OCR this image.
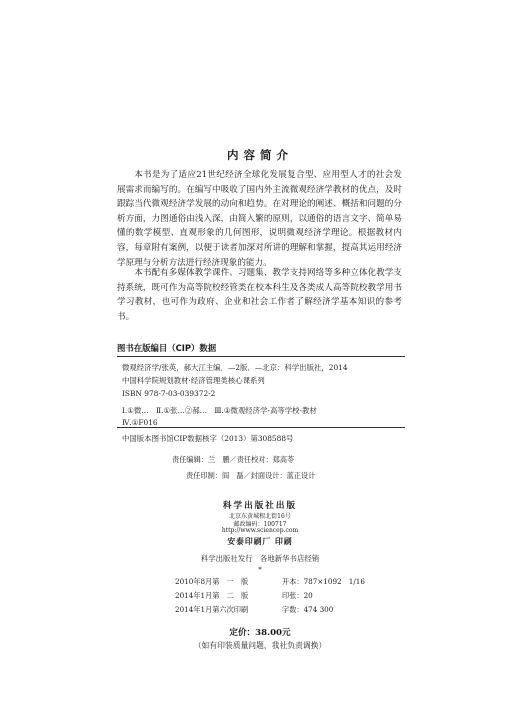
内容简介

本书是为了适应21世纪经济全球化发展复合型、应用型人才的社会发展需求而编写的。在编写中吸收了国内外主流微观经济学教材的优点，及时跟踪当代微观经济学发展的动向和趋势。在对理论的阐述、概括和问题的分析方面，力图通俗由浅入深，由简入繁的原则，以通俗的语言文字、简单易懂的数学模型、直观形象的几何图形，说明微观经济学理论。根据教材内容，每章附有案例，以便于读者加深对所讲的理解和掌握，提高其运用经济学原理与分析方法进行经济现象的能力。

本书配有多媒体教学课件、习题集、教学支持网络等多种立体化教学支持系统，既可作为高等院校经管类在校本科生及各类成人高等院校教学用书学习教材，也可作为政府、企业和社会工作者了解经济学基本知识的参考书。

图书在版编目（CIP）数据
微观经济学/张英，郝大江主编．—2版．—北京：科学出版社，2014
中国科学院规划教材·经济管理类核心课系列
ISBN 978-7-03-039372-2
Ⅰ.①微…　Ⅱ.①张…②郝…　Ⅲ.①微观经济学-高等学校-教材
Ⅳ.①F016
中国版本图书馆CIP数据核字（2013）第308588号
责任编辑：兰　鹏／责任校对：郑高苓
责任印制：阎　磊／封面设计：蓝正设计
科学出版社出版
北京东黄城根北街16号
邮政编码：100717
http://www.sciencep.com
安泰印刷厂 印刷
科学出版社发行　各地新华书店经销
*
2010年8月第　一　版	开本：787×1092　1/16
2014年1月第　二　版	印张：20
2014年1月第六次印刷	字数：474 300
定价：38.00元
（如有印装质量问题，我社负责调换）
